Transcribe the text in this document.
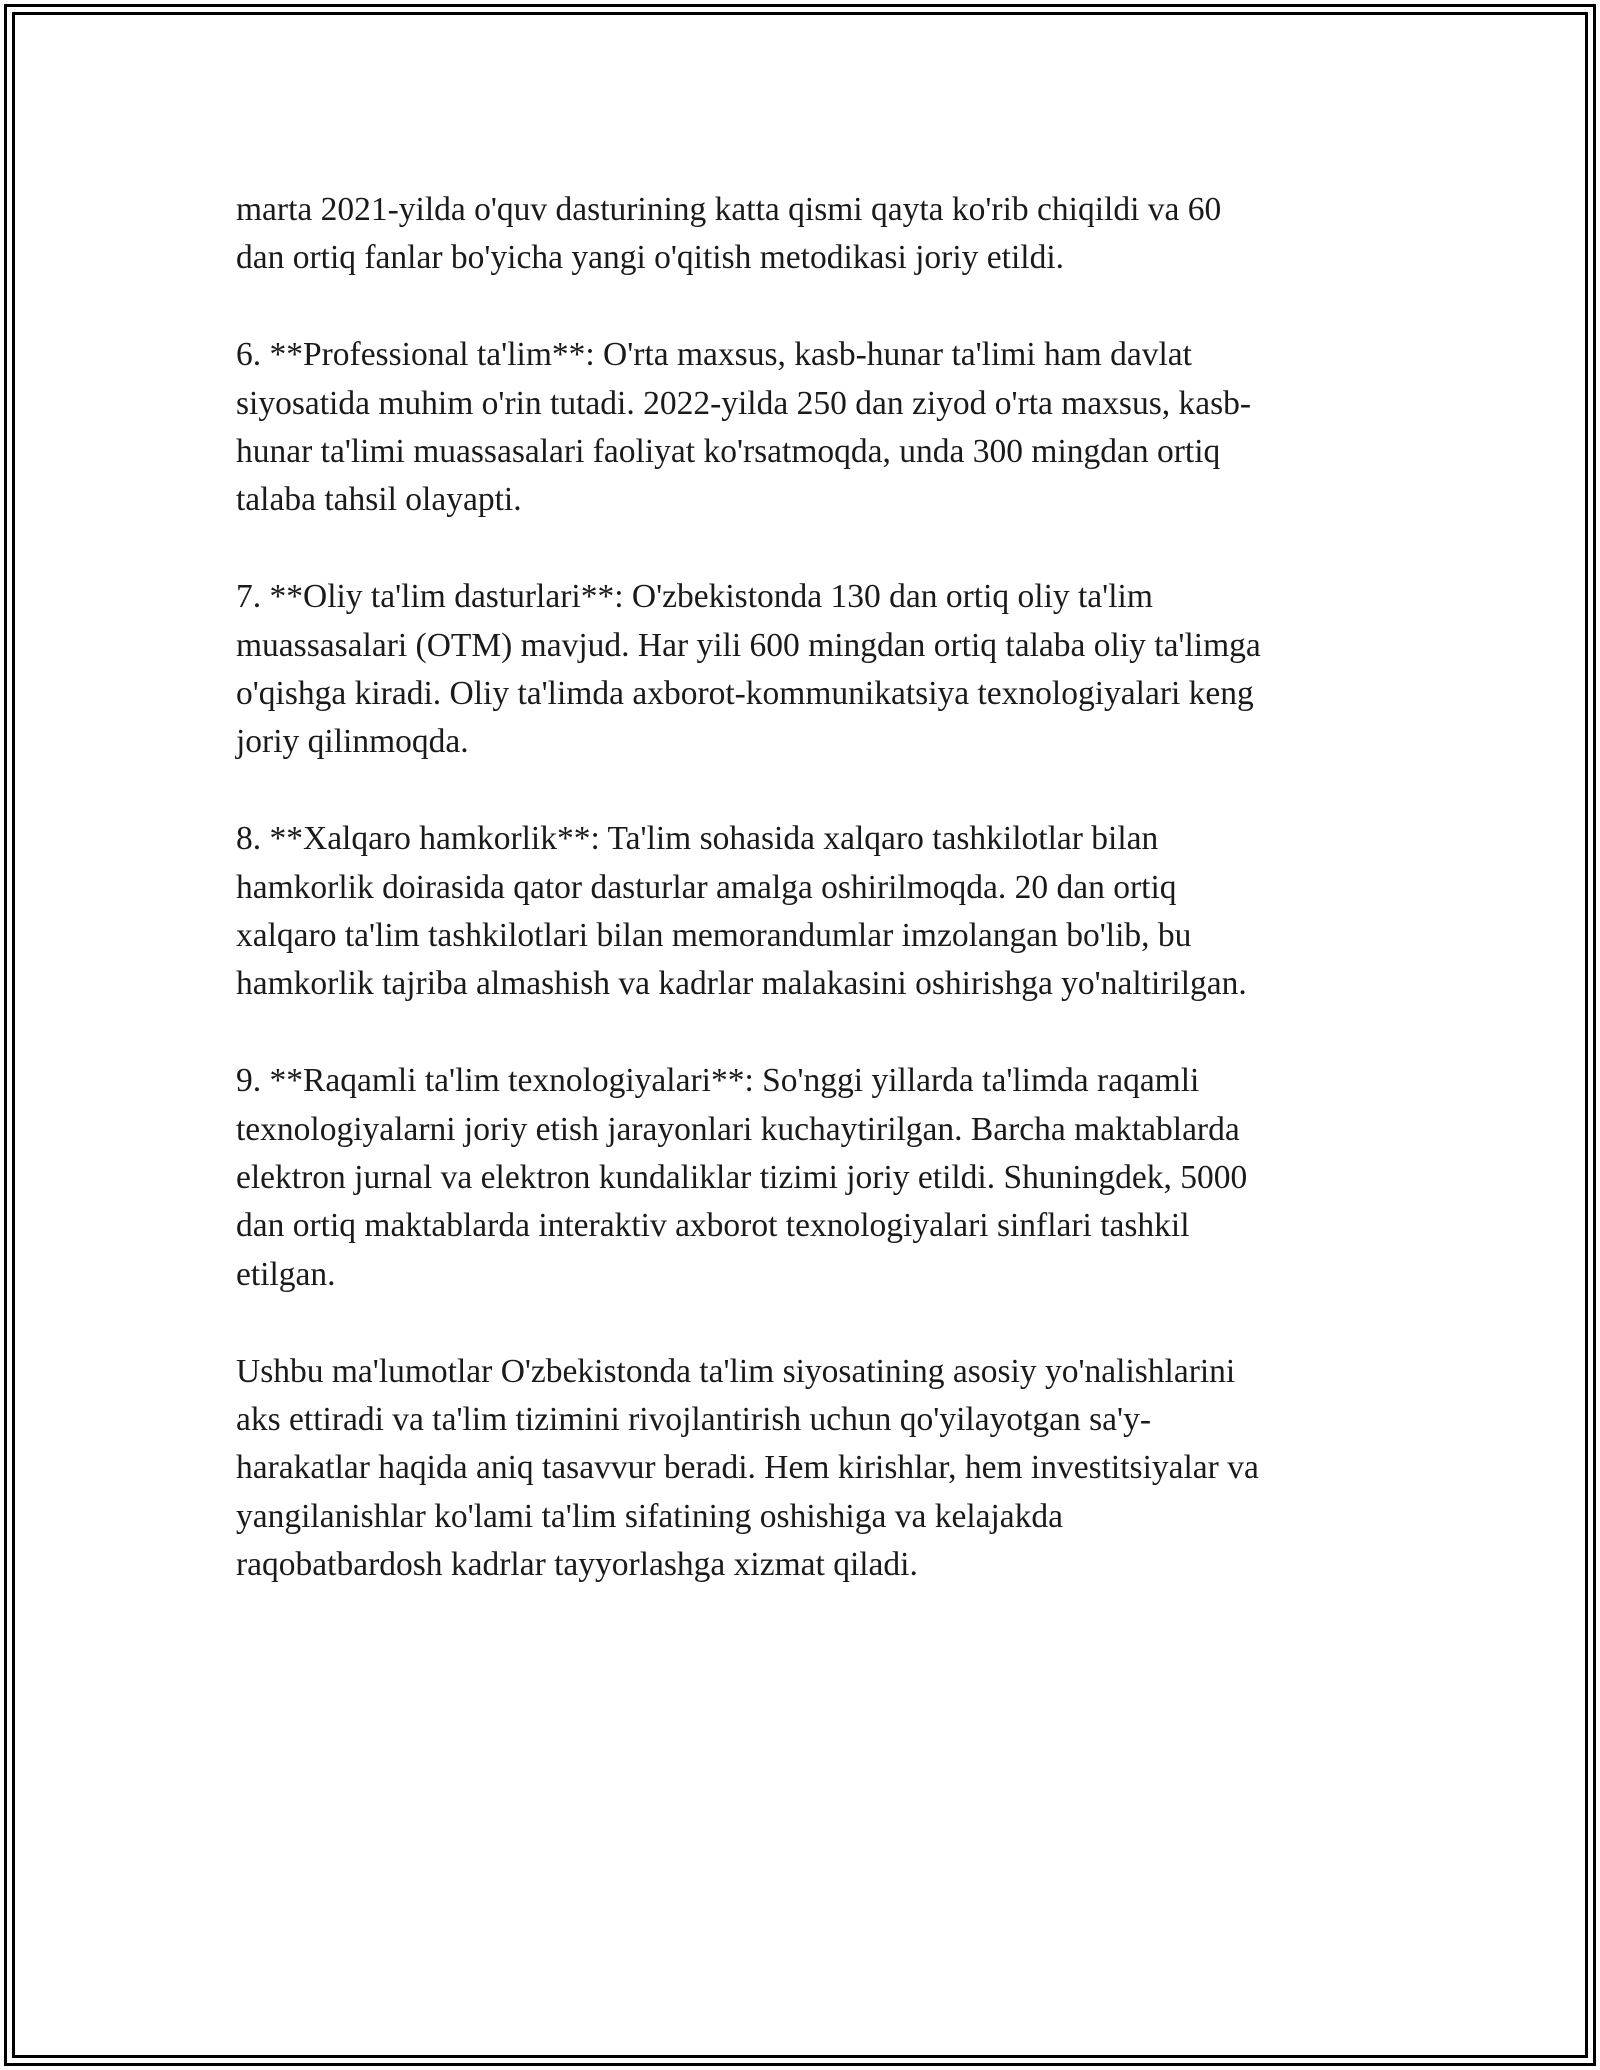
marta 2021-yilda o'quv dasturining katta qismi qayta ko'rib chiqildi va 60
dan ortiq fanlar bo'yicha yangi o'qitish metodikasi joriy etildi.

6. **Professional ta'lim**: O'rta maxsus, kasb-hunar ta'limi ham davlat
siyosatida muhim o'rin tutadi. 2022-yilda 250 dan ziyod o'rta maxsus, kasb-
hunar ta'limi muassasalari faoliyat ko'rsatmoqda, unda 300 mingdan ortiq
talaba tahsil olayapti.

7. **Oliy ta'lim dasturlari**: O'zbekistonda 130 dan ortiq oliy ta'lim
muassasalari (OTM) mavjud. Har yili 600 mingdan ortiq talaba oliy ta'limga
o'qishga kiradi. Oliy ta'limda axborot-kommunikatsiya texnologiyalari keng
joriy qilinmoqda.

8. **Xalqaro hamkorlik**: Ta'lim sohasida xalqaro tashkilotlar bilan
hamkorlik doirasida qator dasturlar amalga oshirilmoqda. 20 dan ortiq
xalqaro ta'lim tashkilotlari bilan memorandumlar imzolangan bo'lib, bu
hamkorlik tajriba almashish va kadrlar malakasini oshirishga yo'naltirilgan.

9. **Raqamli ta'lim texnologiyalari**: So'nggi yillarda ta'limda raqamli
texnologiyalarni joriy etish jarayonlari kuchaytirilgan. Barcha maktablarda
elektron jurnal va elektron kundaliklar tizimi joriy etildi. Shuningdek, 5000
dan ortiq maktablarda interaktiv axborot texnologiyalari sinflari tashkil
etilgan.

Ushbu ma'lumotlar O'zbekistonda ta'lim siyosatining asosiy yo'nalishlarini
aks ettiradi va ta'lim tizimini rivojlantirish uchun qo'yilayotgan sa'y-
harakatlar haqida aniq tasavvur beradi. Hem kirishlar, hem investitsiyalar va
yangilanishlar ko'lami ta'lim sifatining oshishiga va kelajakda
raqobatbardosh kadrlar tayyorlashga xizmat qiladi.
